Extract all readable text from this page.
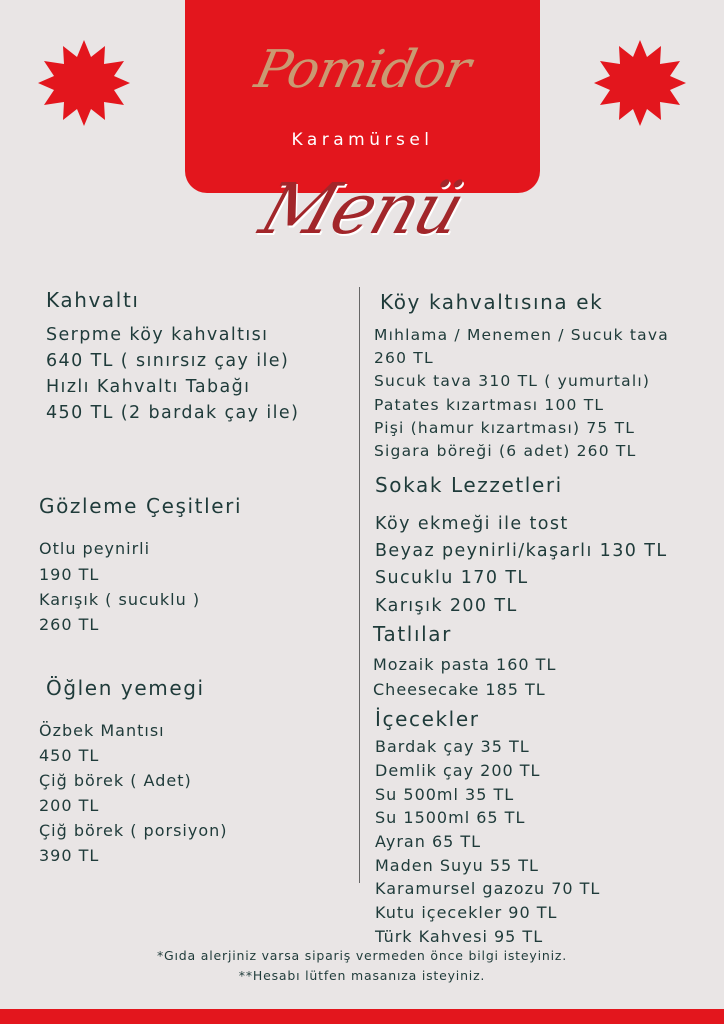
Pomidor
Karamürsel
Menü
Kahvaltı
Serpme köy kahvaltısı
640 TL ( sınırsız çay ile)
Hızlı Kahvaltı Tabağı
450 TL (2 bardak çay ile)
Gözleme Çeşitleri
Otlu peynirli
190 TL
Karışık ( sucuklu )
260 TL
Öğlen yemegi
Özbek Mantısı
450 TL
Çiğ börek ( Adet)
200 TL
Çiğ börek ( porsiyon)
390 TL
Köy kahvaltısına ek
Mıhlama / Menemen / Sucuk tava
260 TL
Sucuk tava 310 TL ( yumurtalı)
Patates kızartması 100 TL
Pişi (hamur kızartması) 75 TL
Sigara böreği (6 adet) 260 TL
Sokak Lezzetleri
Köy ekmeği ile tost
Beyaz peynirli/kaşarlı 130 TL
Sucuklu 170 TL
Karışık 200 TL
Tatlılar
Mozaik pasta 160 TL
Cheesecake 185 TL
İçecekler
Bardak çay 35 TL
Demlik çay 200 TL
Su 500ml 35 TL
Su 1500ml 65 TL
Ayran 65 TL
Maden Suyu 55 TL
Karamursel gazozu 70 TL
Kutu içecekler 90 TL
Türk Kahvesi 95 TL
*Gıda alerjiniz varsa sipariş vermeden önce bilgi isteyiniz.
**Hesabı lütfen masanıza isteyiniz.
